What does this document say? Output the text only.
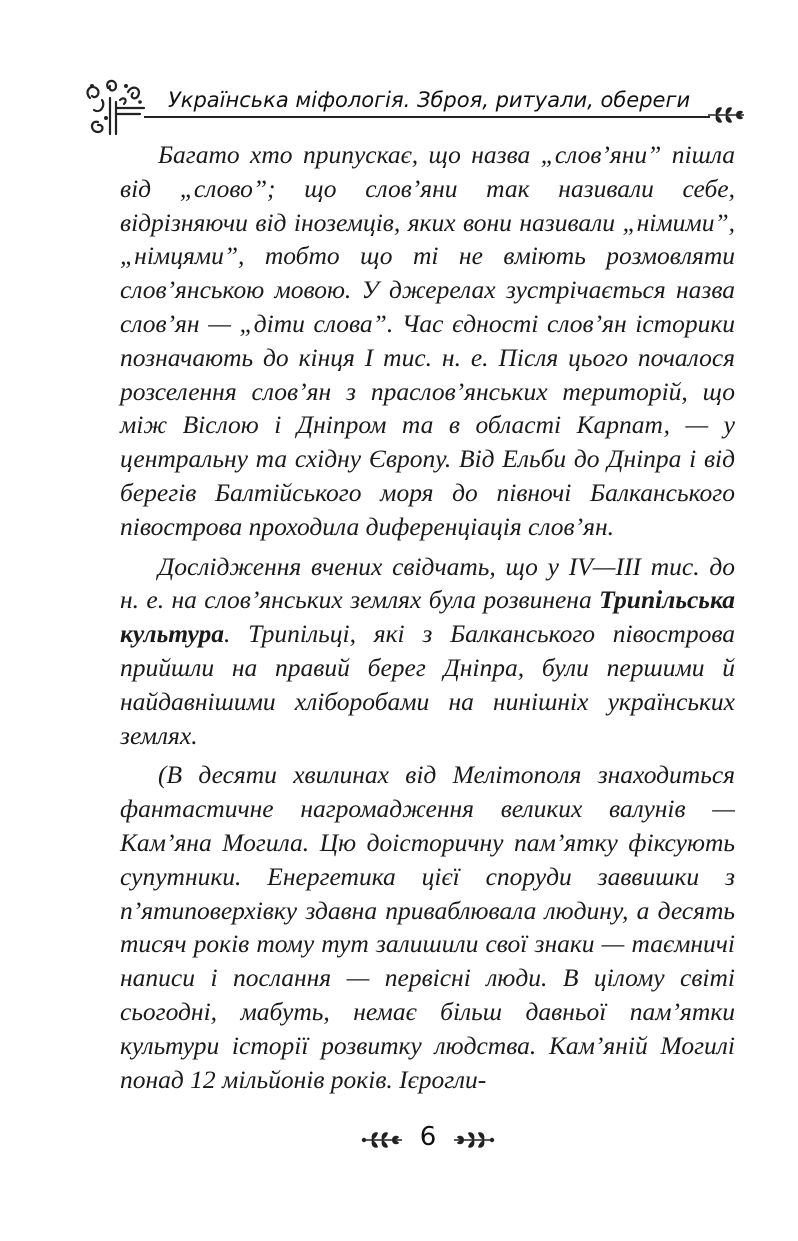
Українська міфологія. Зброя, ритуали, обереги

Багато хто припускає, що назва „слов’яни” пішла від „слово”; що слов’яни так називали себе, відрізняючи від іноземців, яких вони називали „німими”, „німцями”, тобто що ті не вміють розмовляти слов’янською мовою. У джерелах зустрічається назва слов’ян — „діти слова”. Час єдності слов’ян історики позначають до кінця І тис. н. е. Після цього почалося розселення слов’ян з праслов’янських територій, що між Віслою і Дніпром та в області Карпат, — у центральну та східну Європу. Від Ельби до Дніпра і від берегів Балтійського моря до півночі Балканського півострова проходила диференціація слов’ян.

Дослідження вчених свідчать, що у IV—III тис. до н. е. на слов’янських землях була розвинена Трипільська культура. Трипільці, які з Балканського півострова прийшли на правий берег Дніпра, були першими й найдавнішими хліборобами на нинішніх українських землях.

(В десяти хвилинах від Мелітополя знаходиться фантастичне нагромадження великих валунів — Кам’яна Могила. Цю доісторичну пам’ятку фіксують супутники. Енергетика цієї споруди заввишки з п’ятиповерхівку здавна приваблювала людину, а десять тисяч років тому тут залишили свої знаки — таємничі написи і послання — первісні люди. В цілому світі сьогодні, мабуть, немає більш давньої пам’ятки культури історії розвитку людства. Кам’яній Могилі понад 12 мільйонів років. Ієрогли-

6
